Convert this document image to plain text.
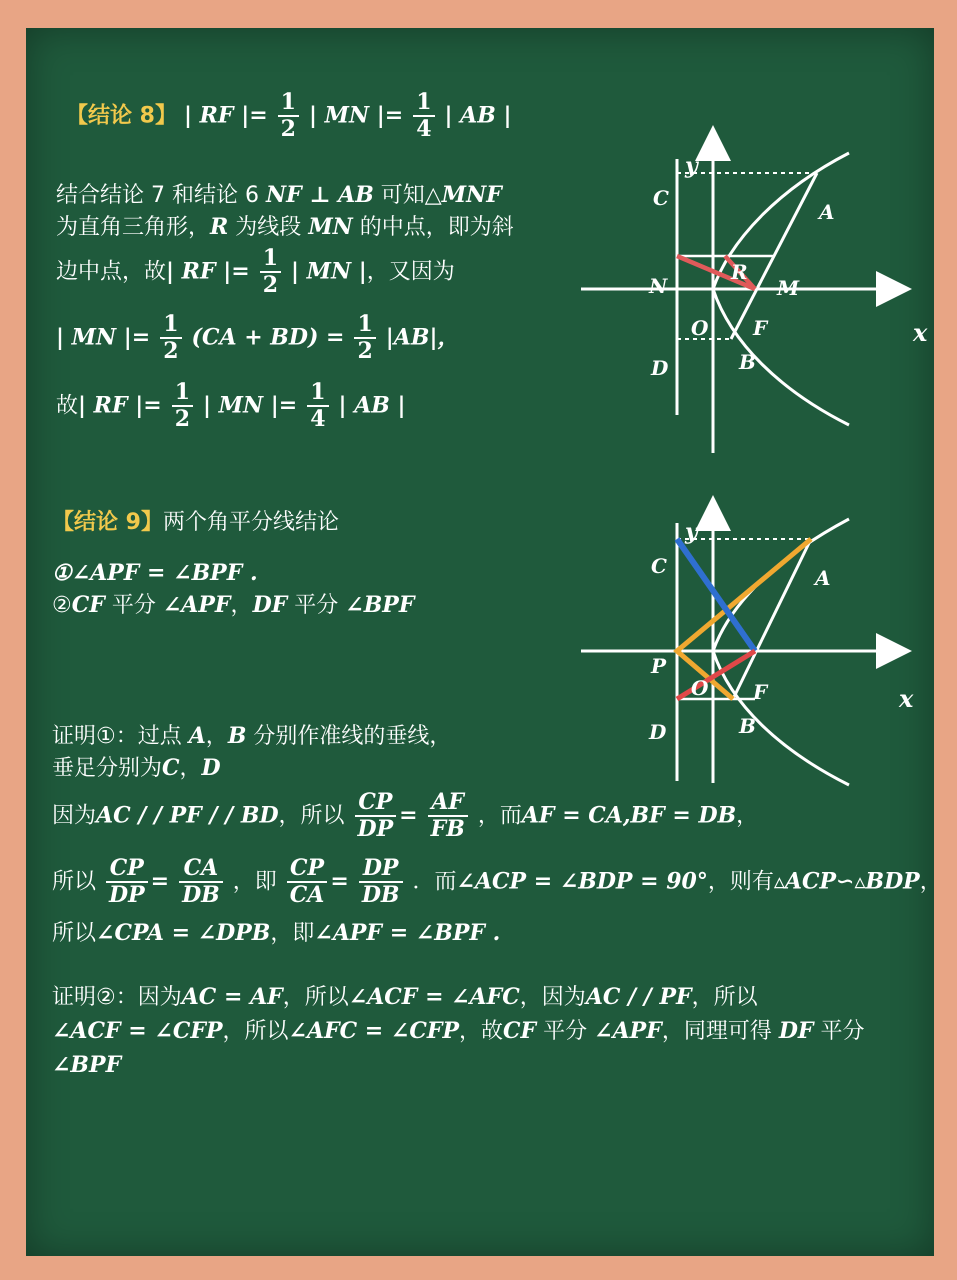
【结论 8】 | RF |= $\frac{1}{2}$ | MN |= $\frac{1}{4}$ | AB |
结合结论 7 和结论 6 NF ⊥ AB 可知△MNF
为直角三角形，R 为线段 MN 的中点，即为斜
边中点，故| RF |= $\frac{1}{2}$ | MN |，又因为
| MN |= $\frac{1}{2} (CA + BD) = \frac{1}{2} |AB|$，
故| RF |= $\frac{1}{2}$ | MN |= $\frac{1}{4}$ | AB |
C
A
y
N
R
M
O F	x
D	B
【结论 9】两个角平分线结论
①∠APF = ∠BPF .
②CF 平分 ∠APF，DF 平分 ∠BPF
y
C	A
P
O F	x
D	B
证明①：过点 A，B 分别作准线的垂线，
垂足分别为C，D
因为AC / / PF / / BD，所以 $\frac{CP}{DP} = \frac{AF}{FB}$ ，而AF = CA,BF = DB，
所以 $\frac{CP}{DP} = \frac{CA}{DB}$ ，即 $\frac{CP}{CA} = \frac{DP}{DB}$ ．而∠ACP = ∠BDP = 90°，则有▵ACP∽▵BDP，
所以∠CPA = ∠DPB，即∠APF = ∠BPF .
证明②：因为AC = AF，所以∠ACF = ∠AFC，因为AC / / PF，所以
∠ACF = ∠CFP，所以∠AFC = ∠CFP，故CF 平分 ∠APF，同理可得 DF 平分
∠BPF
